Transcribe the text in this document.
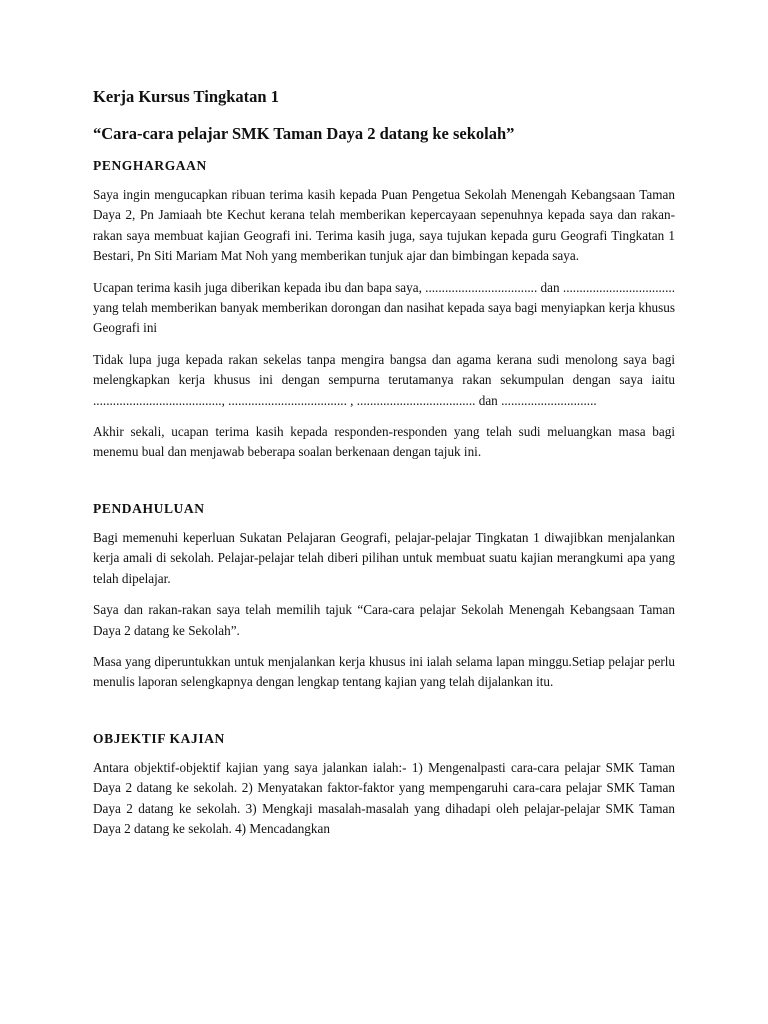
Kerja Kursus Tingkatan 1
“Cara-cara pelajar SMK Taman Daya 2 datang ke sekolah”
PENGHARGAAN

Saya ingin mengucapkan ribuan terima kasih kepada Puan Pengetua Sekolah Menengah Kebangsaan Taman Daya 2, Pn Jamiaah bte Kechut kerana telah memberikan kepercayaan sepenuhnya kepada saya dan rakan-rakan saya membuat kajian Geografi ini. Terima kasih juga, saya tujukan kepada guru Geografi Tingkatan 1 Bestari, Pn Siti Mariam Mat Noh yang memberikan tunjuk ajar dan bimbingan kepada saya.

Ucapan terima kasih juga diberikan kepada ibu dan bapa saya, .................................. dan .................................. yang telah memberikan banyak memberikan dorongan dan nasihat kepada saya bagi menyiapkan kerja khusus Geografi ini

Tidak lupa juga kepada rakan sekelas tanpa mengira bangsa dan agama kerana sudi menolong saya bagi melengkapkan kerja khusus ini dengan sempurna terutamanya rakan sekumpulan dengan saya iaitu ......................................., .................................... , .................................... dan .............................

Akhir sekali, ucapan terima kasih kepada responden-responden yang telah sudi meluangkan masa bagi menemu bual dan menjawab beberapa soalan berkenaan dengan tajuk ini.

PENDAHULUAN

Bagi memenuhi keperluan Sukatan Pelajaran Geografi, pelajar-pelajar Tingkatan 1 diwajibkan menjalankan kerja amali di sekolah. Pelajar-pelajar telah diberi pilihan untuk membuat suatu kajian merangkumi apa yang telah dipelajar.

Saya dan rakan-rakan saya telah memilih tajuk “Cara-cara pelajar Sekolah Menengah Kebangsaan Taman Daya 2 datang ke Sekolah”.

Masa yang diperuntukkan untuk menjalankan kerja khusus ini ialah selama lapan minggu.Setiap pelajar perlu menulis laporan selengkapnya dengan lengkap tentang kajian yang telah dijalankan itu.

OBJEKTIF KAJIAN

Antara objektif-objektif kajian yang saya jalankan ialah:- 1) Mengenalpasti cara-cara pelajar SMK Taman Daya 2 datang ke sekolah. 2) Menyatakan faktor-faktor yang mempengaruhi cara-cara pelajar SMK Taman Daya 2 datang ke sekolah. 3) Mengkaji masalah-masalah yang dihadapi oleh pelajar-pelajar SMK Taman Daya 2 datang ke sekolah. 4) Mencadangkan
